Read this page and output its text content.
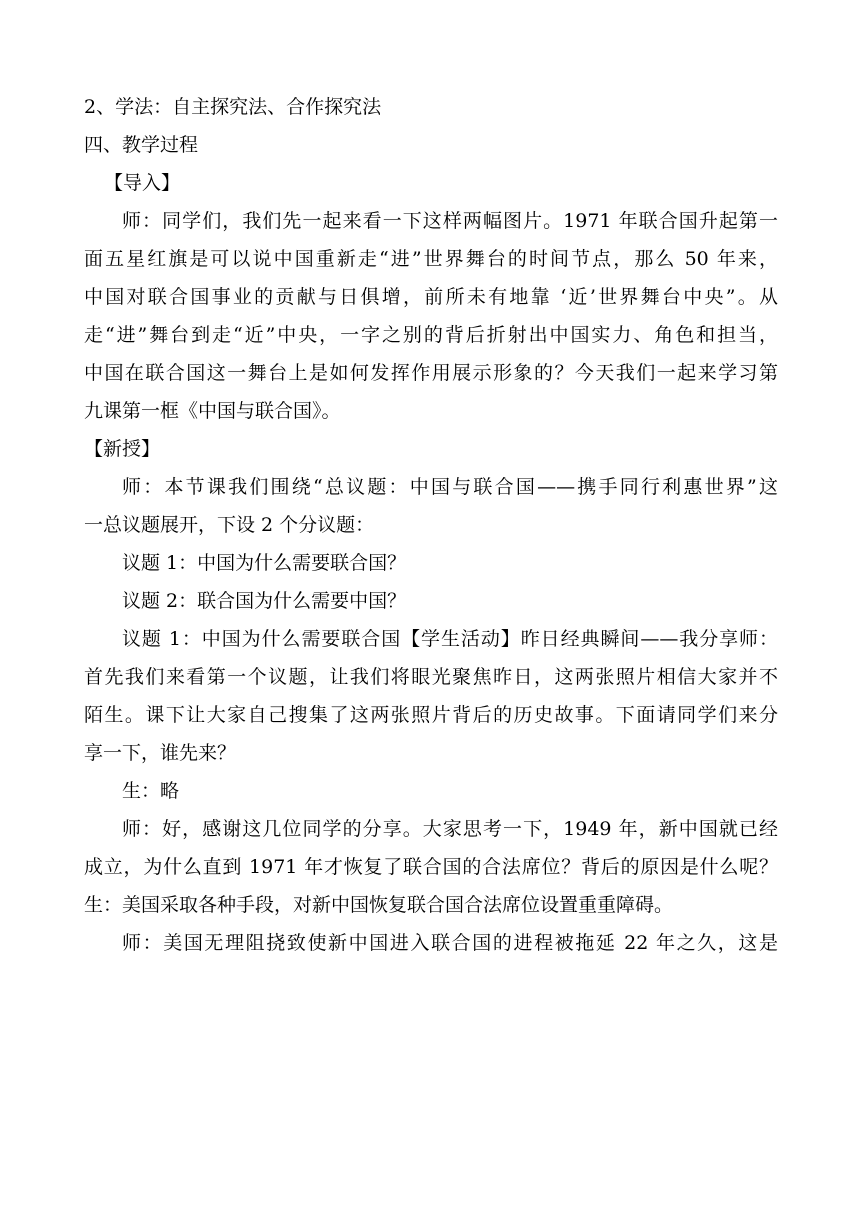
2、学法：自主探究法、合作探究法
四、教学过程
【导入】
师：同学们，我们先一起来看一下这样两幅图片。1971 年联合国升起第一
面五星红旗是可以说中国重新走“进”世界舞台的时间节点，那么 50 年来，
中国对联合国事业的贡献与日俱增，前所未有地靠 ‘近’世界舞台中央”。从
走“进”舞台到走“近”中央，一字之别的背后折射出中国实力、角色和担当，
中国在联合国这一舞台上是如何发挥作用展示形象的？今天我们一起来学习第
九课第一框《中国与联合国》。
【新授】
师：本节课我们围绕“总议题：中国与联合国——携手同行利惠世界”这
一总议题展开，下设 2 个分议题：
议题 1：中国为什么需要联合国？
议题 2：联合国为什么需要中国？
议题 1：中国为什么需要联合国【学生活动】昨日经典瞬间——我分享师：
首先我们来看第一个议题，让我们将眼光聚焦昨日，这两张照片相信大家并不
陌生。课下让大家自己搜集了这两张照片背后的历史故事。下面请同学们来分
享一下，谁先来？
生：略
师：好，感谢这几位同学的分享。大家思考一下，1949 年，新中国就已经
成立，为什么直到 1971 年才恢复了联合国的合法席位？背后的原因是什么呢？
生：美国采取各种手段，对新中国恢复联合国合法席位设置重重障碍。
师：美国无理阻挠致使新中国进入联合国的进程被拖延 22 年之久，这是
